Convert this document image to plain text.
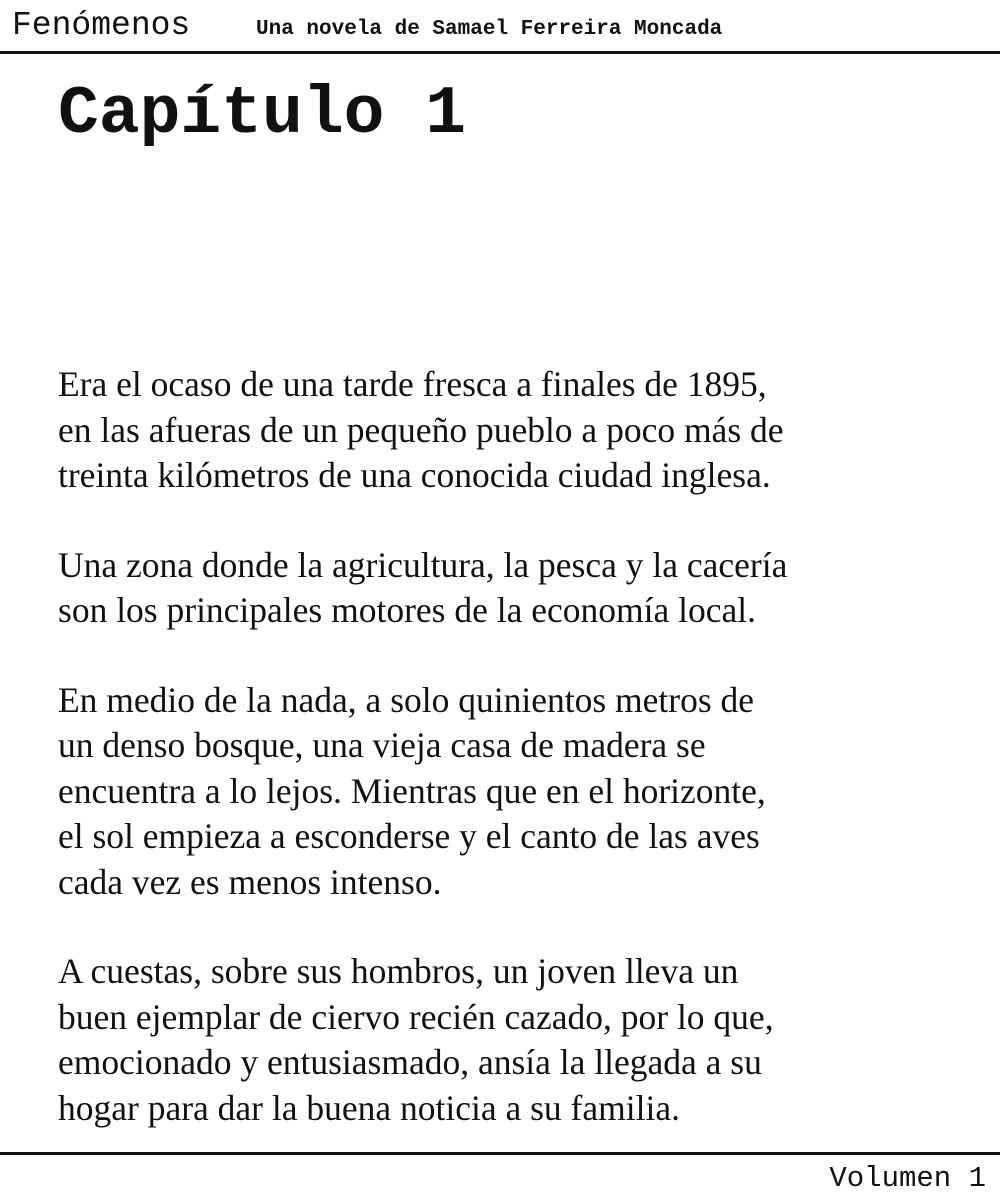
Fenómenos	Una novela de Samael Ferreira Moncada
Capítulo 1

Era el ocaso de una tarde fresca a finales de 1895,
en las afueras de un pequeño pueblo a poco más de
treinta kilómetros de una conocida ciudad inglesa.

Una zona donde la agricultura, la pesca y la cacería
son los principales motores de la economía local.

En medio de la nada, a solo quinientos metros de
un denso bosque, una vieja casa de madera se
encuentra a lo lejos. Mientras que en el horizonte,
el sol empieza a esconderse y el canto de las aves
cada vez es menos intenso.

A cuestas, sobre sus hombros, un joven lleva un
buen ejemplar de ciervo recién cazado, por lo que,
emocionado y entusiasmado, ansía la llegada a su
hogar para dar la buena noticia a su familia.

Volumen 1
